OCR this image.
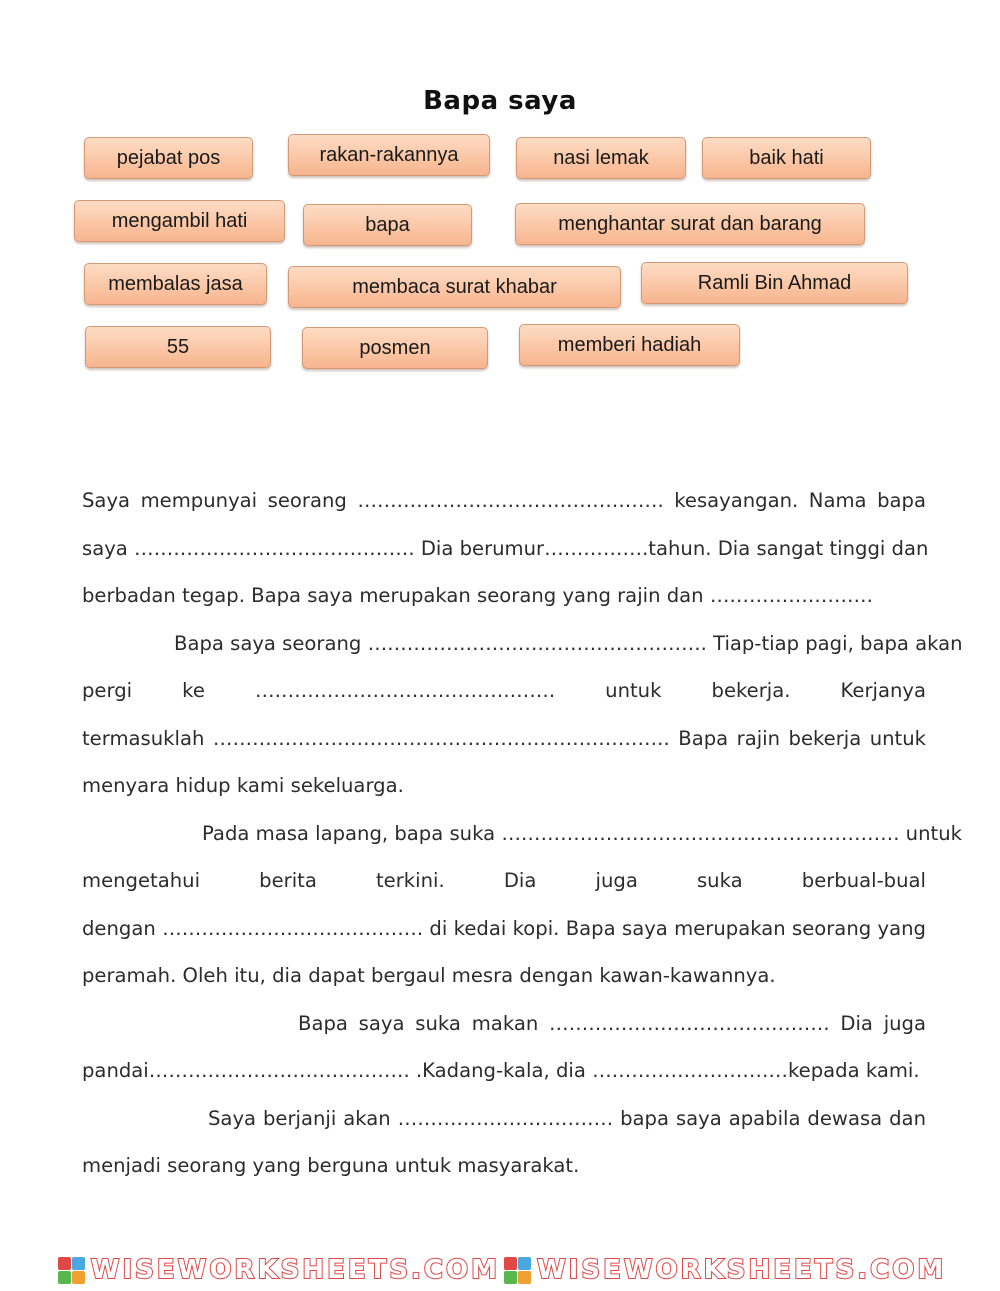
Bapa saya
pejabat pos	rakan-rakannya	nasi lemak	baik hati
mengambil hati	bapa	menghantar surat dan barang
membalas jasa	membaca surat khabar	Ramli Bin Ahmad
55	posmen	memberi hadiah
Saya mempunyai seorang ………………………….……………. kesayangan. Nama bapa
saya ……………………………………. Dia berumur…………….tahun. Dia sangat tinggi dan
berbadan tegap. Bapa saya merupakan seorang yang rajin dan …………………….
Bapa saya seorang ……………………………………………. Tiap-tiap pagi, bapa akan
pergi ke ………………………………………. untuk bekerja. Kerjanya
termasuklah ……………………………………………………………. Bapa rajin bekerja untuk
menyara hidup kami sekeluarga.
Pada masa lapang, bapa suka ……………………………………………………. untuk
mengetahui berita terkini. Dia juga suka berbual-bual
dengan …………………………………. di kedai kopi. Bapa saya merupakan seorang yang
peramah. Oleh itu, dia dapat bergaul mesra dengan kawan-kawannya.
Bapa saya suka makan ……………………………………. Dia juga
pandai…………………………………. .Kadang-kala, dia …………………………kepada kami.
Saya berjanji akan …………………………… bapa saya apabila dewasa dan
menjadi seorang yang berguna untuk masyarakat.
WISEWORKSHEETS.COM WISEWORKSHEETS.COM
